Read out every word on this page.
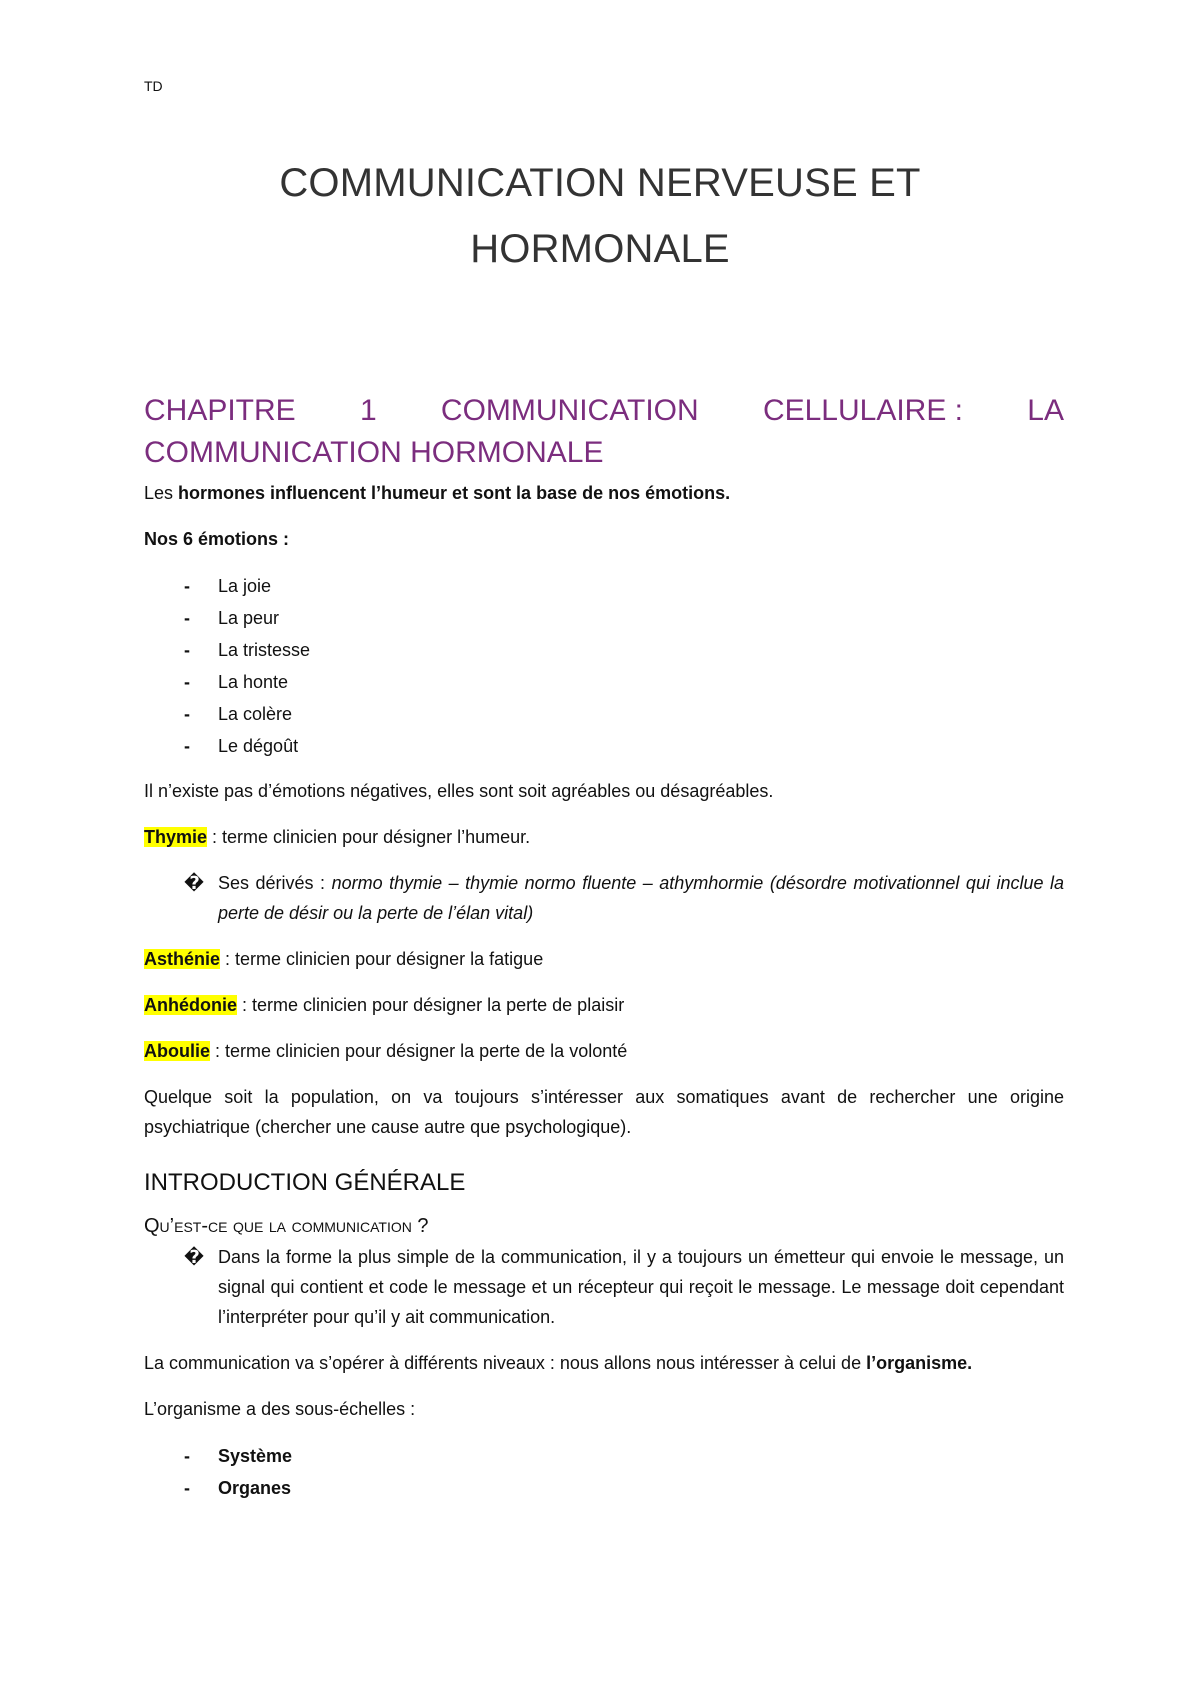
TD
COMMUNICATION NERVEUSE ET
HORMONALE
CHAPITRE 1 COMMUNICATION CELLULAIRE : LA
COMMUNICATION HORMONALE

Les hormones influencent l’humeur et sont la base de nos émotions.

Nos 6 émotions :

- La joie
- La peur
- La tristesse
- La honte
- La colère
- Le dégoût

Il n’existe pas d’émotions négatives, elles sont soit agréables ou désagréables.

Thymie : terme clinicien pour désigner l’humeur.

� Ses dérivés : normo thymie – thymie normo fluente – athymhormie (désordre motivationnel qui inclue la perte de désir ou la perte de l’élan vital)

Asthénie : terme clinicien pour désigner la fatigue

Anhédonie : terme clinicien pour désigner la perte de plaisir

Aboulie : terme clinicien pour désigner la perte de la volonté

Quelque soit la population, on va toujours s’intéresser aux somatiques avant de rechercher une origine psychiatrique (chercher une cause autre que psychologique).

INTRODUCTION GÉNÉRALE
Qu’est-ce que la communication ?
� Dans la forme la plus simple de la communication, il y a toujours un émetteur qui envoie le message, un signal qui contient et code le message et un récepteur qui reçoit le message. Le message doit cependant l’interpréter pour qu’il y ait communication.

La communication va s’opérer à différents niveaux : nous allons nous intéresser à celui de l’organisme.

L’organisme a des sous-échelles :

- Système
- Organes
